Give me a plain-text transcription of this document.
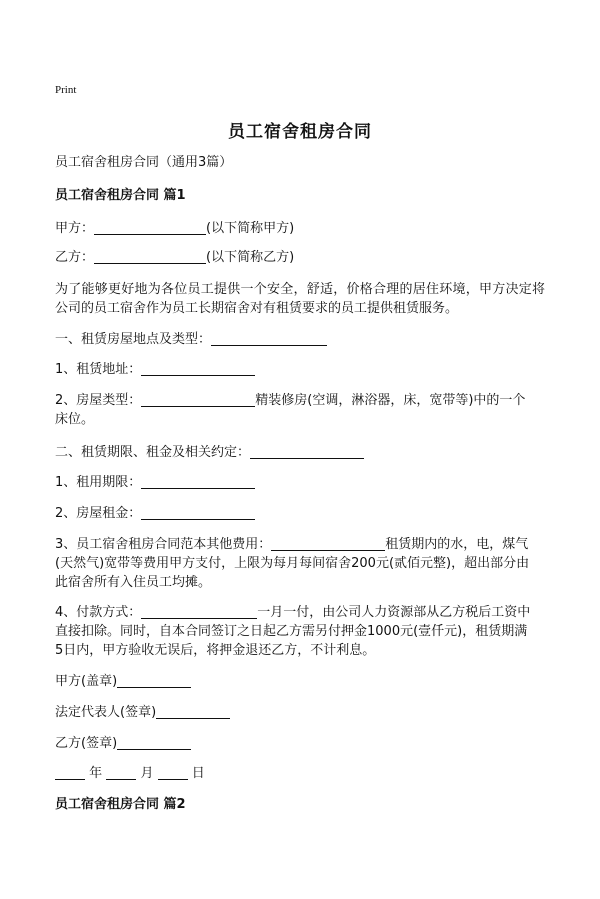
Print
员工宿舍租房合同
员工宿舍租房合同（通用3篇）
员工宿舍租房合同 篇1
甲方：	(以下简称甲方)
乙方：	(以下简称乙方)
为了能够更好地为各位员工提供一个安全，舒适，价格合理的居住环境，甲方决定将公司的员工宿舍作为员工长期宿舍对有租赁要求的员工提供租赁服务。
一、租赁房屋地点及类型：
1、租赁地址：
2、房屋类型：	精装修房(空调，淋浴器，床，宽带等)中的一个
床位。
二、租赁期限、租金及相关约定：
1、租用期限：
2、房屋租金：
3、员工宿舍租房合同范本其他费用：	租赁期内的水，电，煤气
(天然气)宽带等费用甲方支付，上限为每月每间宿舍200元(贰佰元整)，超出部分由
此宿舍所有入住员工均摊。
4、付款方式：	一月一付，由公司人力资源部从乙方税后工资中
直接扣除。同时，自本合同签订之日起乙方需另付押金1000元(壹仟元)，租赁期满
5日内，甲方验收无误后，将押金退还乙方，不计利息。
甲方(盖章)
法定代表人(签章)
乙方(签章)
年	月	日
员工宿舍租房合同 篇2
